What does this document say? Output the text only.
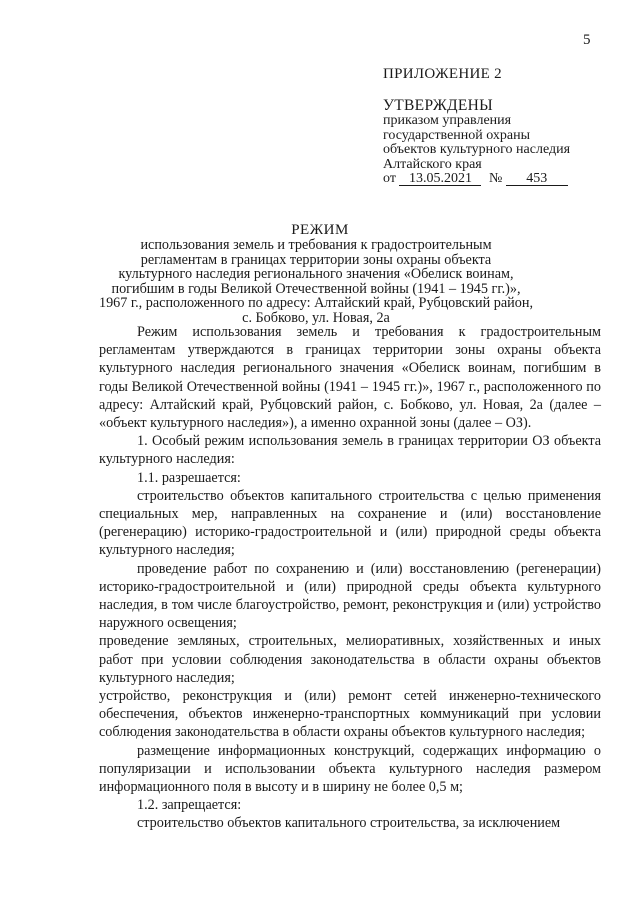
5
ПРИЛОЖЕНИЕ 2
УТВЕРЖДЕНЫ
приказом управления
государственной охраны
объектов культурного наследия
Алтайского края
от 13.05.2021 № 453
РЕЖИМ
использования земель и требования к градостроительным
регламентам в границах территории зоны охраны объекта
культурного наследия регионального значения «Обелиск воинам,
погибшим в годы Великой Отечественной войны (1941 – 1945 гг.)»,
1967 г., расположенного по адресу: Алтайский край, Рубцовский район,
с. Бобково, ул. Новая, 2а

Режим использования земель и требования к градостроительным регламентам утверждаются в границах территории зоны охраны объекта культурного наследия регионального значения «Обелиск воинам, погибшим в годы Великой Отечественной войны (1941 – 1945 гг.)», 1967 г., расположенного по адресу: Алтайский край, Рубцовский район, с. Бобково, ул. Новая, 2а (далее – «объект культурного наследия»), а именно охранной зоны (далее – ОЗ).

1. Особый режим использования земель в границах территории ОЗ объекта культурного наследия:

1.1. разрешается:

строительство объектов капитального строительства с целью применения специальных мер, направленных на сохранение и (или) восстановление (регенерацию) историко-градостроительной и (или) природной среды объекта культурного наследия;

проведение работ по сохранению и (или) восстановлению (регенерации) историко-градостроительной и (или) природной среды объекта культурного наследия, в том числе благоустройство, ремонт, реконструкция и (или) устройство наружного освещения;

проведение земляных, строительных, мелиоративных, хозяйственных и иных работ при условии соблюдения законодательства в области охраны объектов культурного наследия;

устройство, реконструкция и (или) ремонт сетей инженерно-технического обеспечения, объектов инженерно-транспортных коммуникаций при условии соблюдения законодательства в области охраны объектов культурного наследия;

размещение информационных конструкций, содержащих информацию о популяризации и использовании объекта культурного наследия размером информационного поля в высоту и в ширину не более 0,5 м;

1.2. запрещается:

строительство объектов капитального строительства, за исключением
